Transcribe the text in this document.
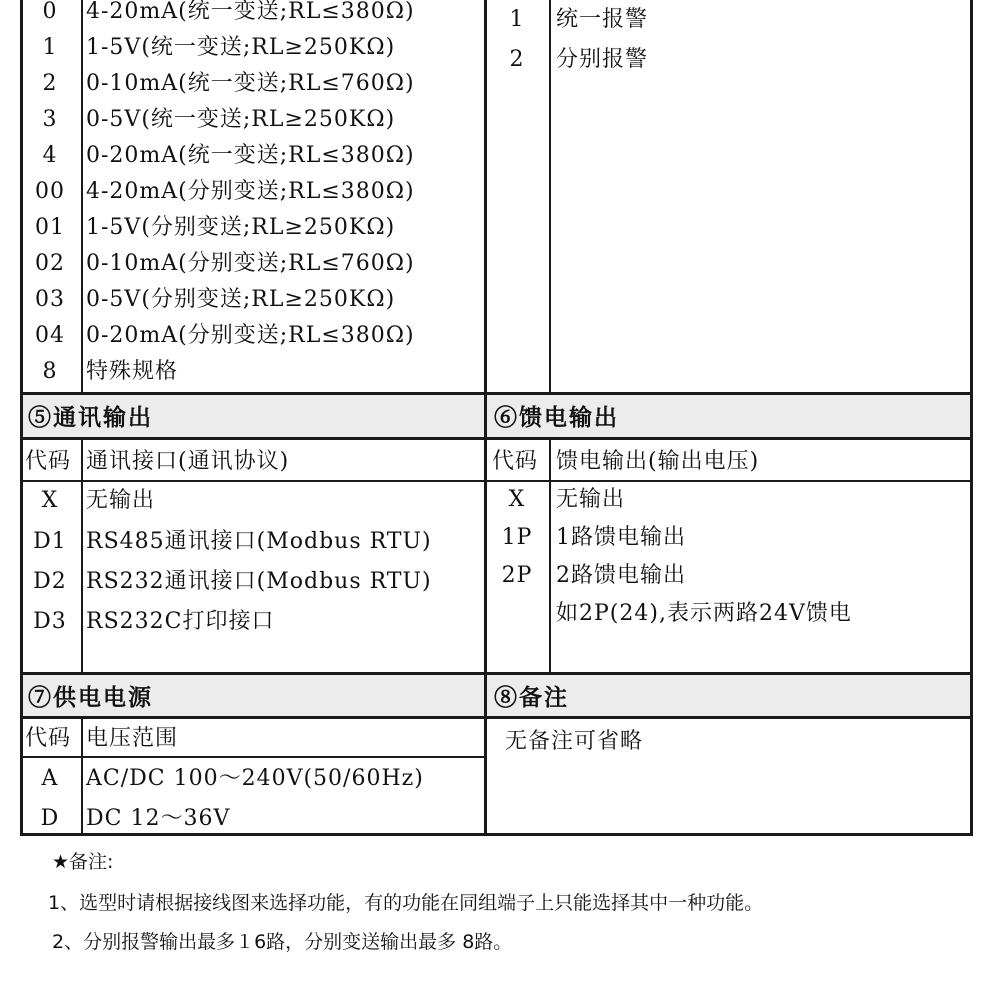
0	4-20mA(统一变送;RL≤380Ω)
1	1-5V(统一变送;RL≥250KΩ)
2	0-10mA(统一变送;RL≤760Ω)
3	0-5V(统一变送;RL≥250KΩ)
4	0-20mA(统一变送;RL≤380Ω)
00 4-20mA(分别变送;RL≤380Ω)
01 1-5V(分别变送;RL≥250KΩ)
02 0-10mA(分别变送;RL≤760Ω)
03 0-5V(分别变送;RL≥250KΩ)
04 0-20mA(分别变送;RL≤380Ω)
8	特殊规格
1	统一报警
2	分别报警
⑤通讯输出
代码 通讯接口(通讯协议)
X	无输出
D1 RS485通讯接口(Modbus RTU)
D2 RS232通讯接口(Modbus RTU)
D3 RS232C打印接口
⑥馈电输出
代码 馈电输出(输出电压)
X	无输出
1P	1路馈电输出
2P	2路馈电输出
如2P(24),表示两路24V馈电
⑦供电电源
代码 电压范围
A	AC/DC 100～240V(50/60Hz)
D	DC 12～36V
⑧备注
无备注可省略
★备注:
1、选型时请根据接线图来选择功能，有的功能在同组端子上只能选择其中一种功能。
2、分别报警输出最多１6路，分别变送输出最多 8路。
